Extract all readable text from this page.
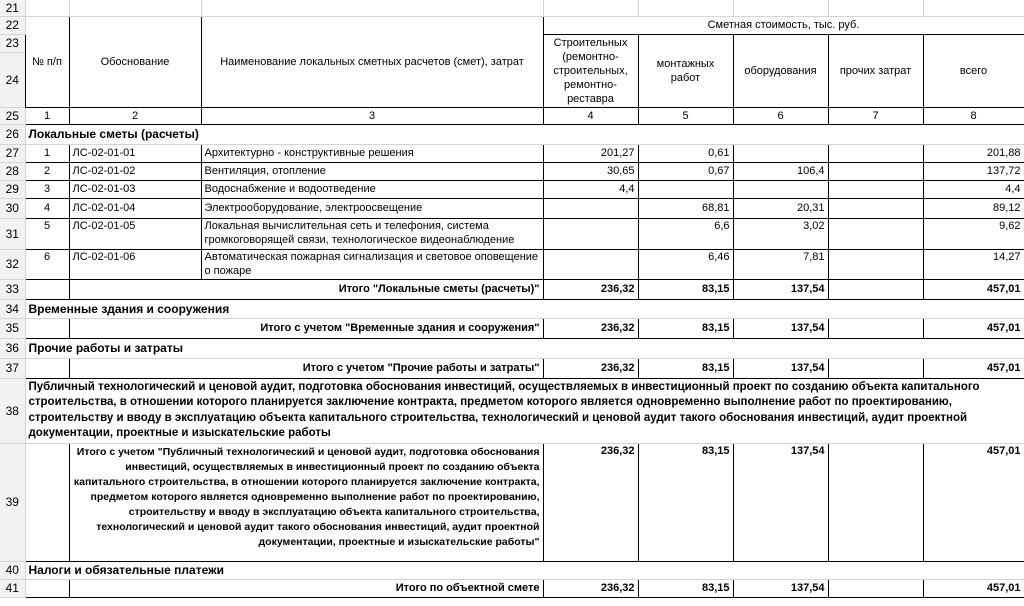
21								
22	№ п/п	Обоснование	Наименование локальных сметных расчетов (смет), затрат	Сметная стоимость, тыс. руб.				
23				Строительных (ремонтно-строительных, ремонтно-реставра	монтажных работ	оборудования	прочих затрат	всего
24								
25	1	2	3	4	5	6	7	8
26	Локальные сметы (расчеты)							
27	1	ЛС-02-01-01	Архитектурно - конструктивные решения	201,27	0,61			201,88
28	2	ЛС-02-01-02	Вентиляция, отопление	30,65	0,67	106,4		137,72
29	3	ЛС-02-01-03	Водоснабжение и водоотведение	4,4				4,4
30	4	ЛС-02-01-04	Электрооборудование, электроосвещение		68,81	20,31		89,12
31	5	ЛС-02-01-05	Локальная вычислительная сеть и телефония, система громкоговорящей связи, технологическое видеонаблюдение		6,6	3,02		9,62
32	6	ЛС-02-01-06	Автоматическая пожарная сигнализация и световое оповещение о пожаре		6,46	7,81		14,27
33		Итого "Локальные сметы (расчеты)"		236,32	83,15	137,54		457,01
34	Временные здания и сооружения							
35		Итого с учетом "Временные здания и сооружения"		236,32	83,15	137,54		457,01
36	Прочие работы и затраты							
37		Итого с учетом "Прочие работы и затраты"		236,32	83,15	137,54		457,01
38	Публичный технологический и ценовой аудит, подготовка обоснования инвестиций, осуществляемых в инвестиционный проект по созданию объекта капитального строительства, в отношении которого планируется заключение контракта, предметом которого является одновременно выполнение работ по проектированию, строительству и вводу в эксплуатацию объекта капитального строительства, технологический и ценовой аудит такого обоснования инвестиций, аудит проектной документации, проектные и изыскательские работы							
39		Итого с учетом "Публичный технологический и ценовой аудит, подготовка обоснования инвестиций, осуществляемых в инвестиционный проект по созданию объекта капитального строительства, в отношении которого планируется заключение контракта, предметом которого является одновременно выполнение работ по проектированию, строительству и вводу в эксплуатацию объекта капитального строительства, технологический и ценовой аудит такого обоснования инвестиций, аудит проектной документации, проектные и изыскательские работы"		236,32	83,15	137,54		457,01
40	Налоги и обязательные платежи							
41		Итого по объектной смете		236,32	83,15	137,54		457,01
